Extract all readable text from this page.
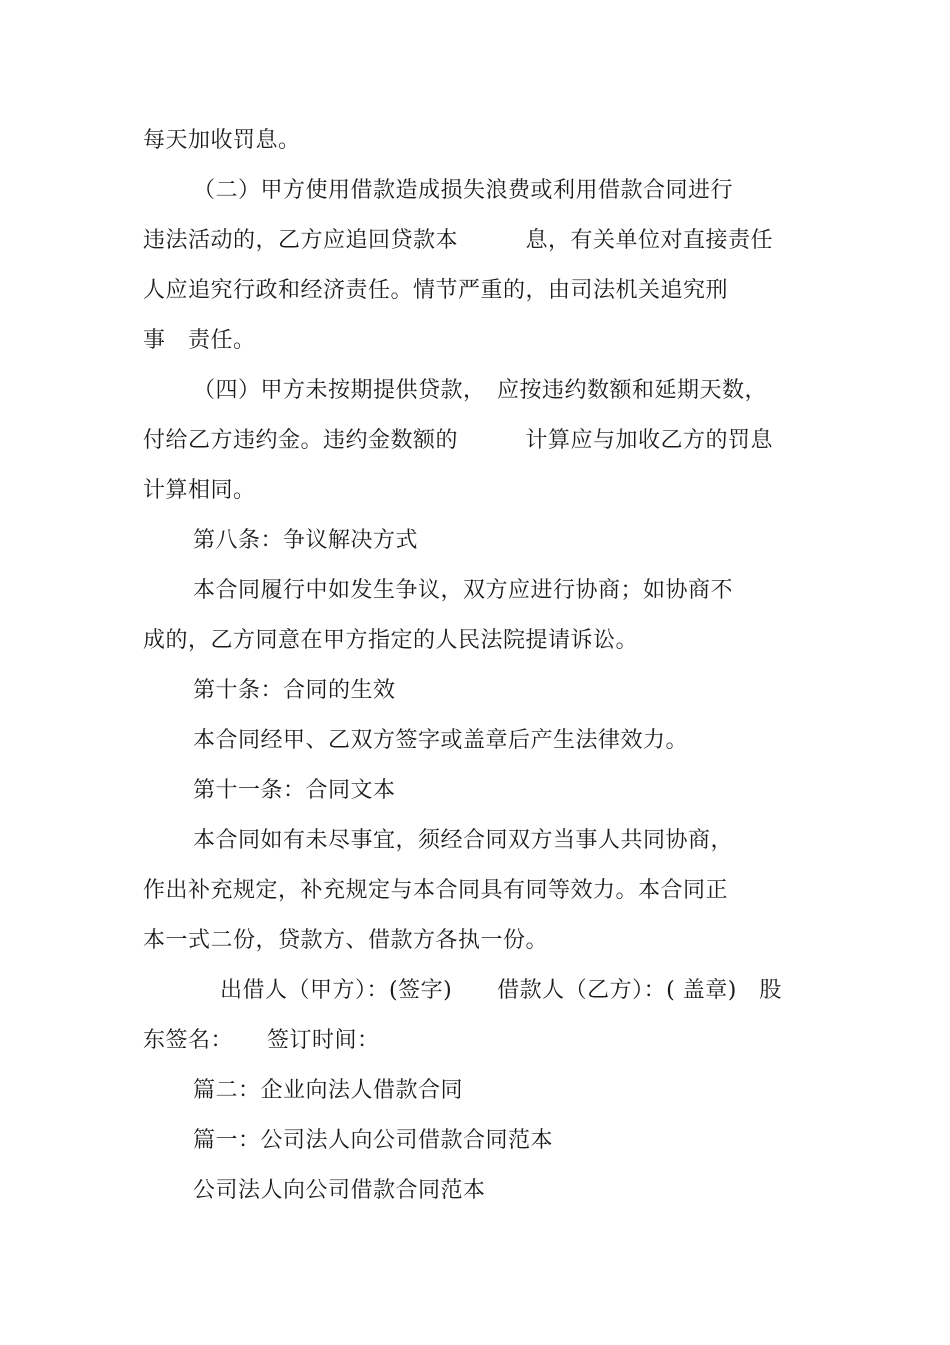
每天加收罚息。
（二）甲方使用借款造成损失浪费或利用借款合同进行
违法活动的，乙方应追回贷款本　　　息，有关单位对直接责任
人应追究行政和经济责任。情节严重的，由司法机关追究刑
事　责任。
（四）甲方未按期提供贷款，　应按违约数额和延期天数，
付给乙方违约金。违约金数额的　　　计算应与加收乙方的罚息
计算相同。
第八条：争议解决方式
本合同履行中如发生争议，双方应进行协商；如协商不
成的，乙方同意在甲方指定的人民法院提请诉讼。
第十条：合同的生效
本合同经甲、乙双方签字或盖章后产生法律效力。
第十一条：合同文本
本合同如有未尽事宜，须经合同双方当事人共同协商，
作出补充规定，补充规定与本合同具有同等效力。本合同正
本一式二份，贷款方、借款方各执一份。
出借人（甲方）：(签字)　　借款人（乙方）：( 盖章)　股
东签名：　　签订时间：
篇二：企业向法人借款合同
篇一：公司法人向公司借款合同范本
公司法人向公司借款合同范本
